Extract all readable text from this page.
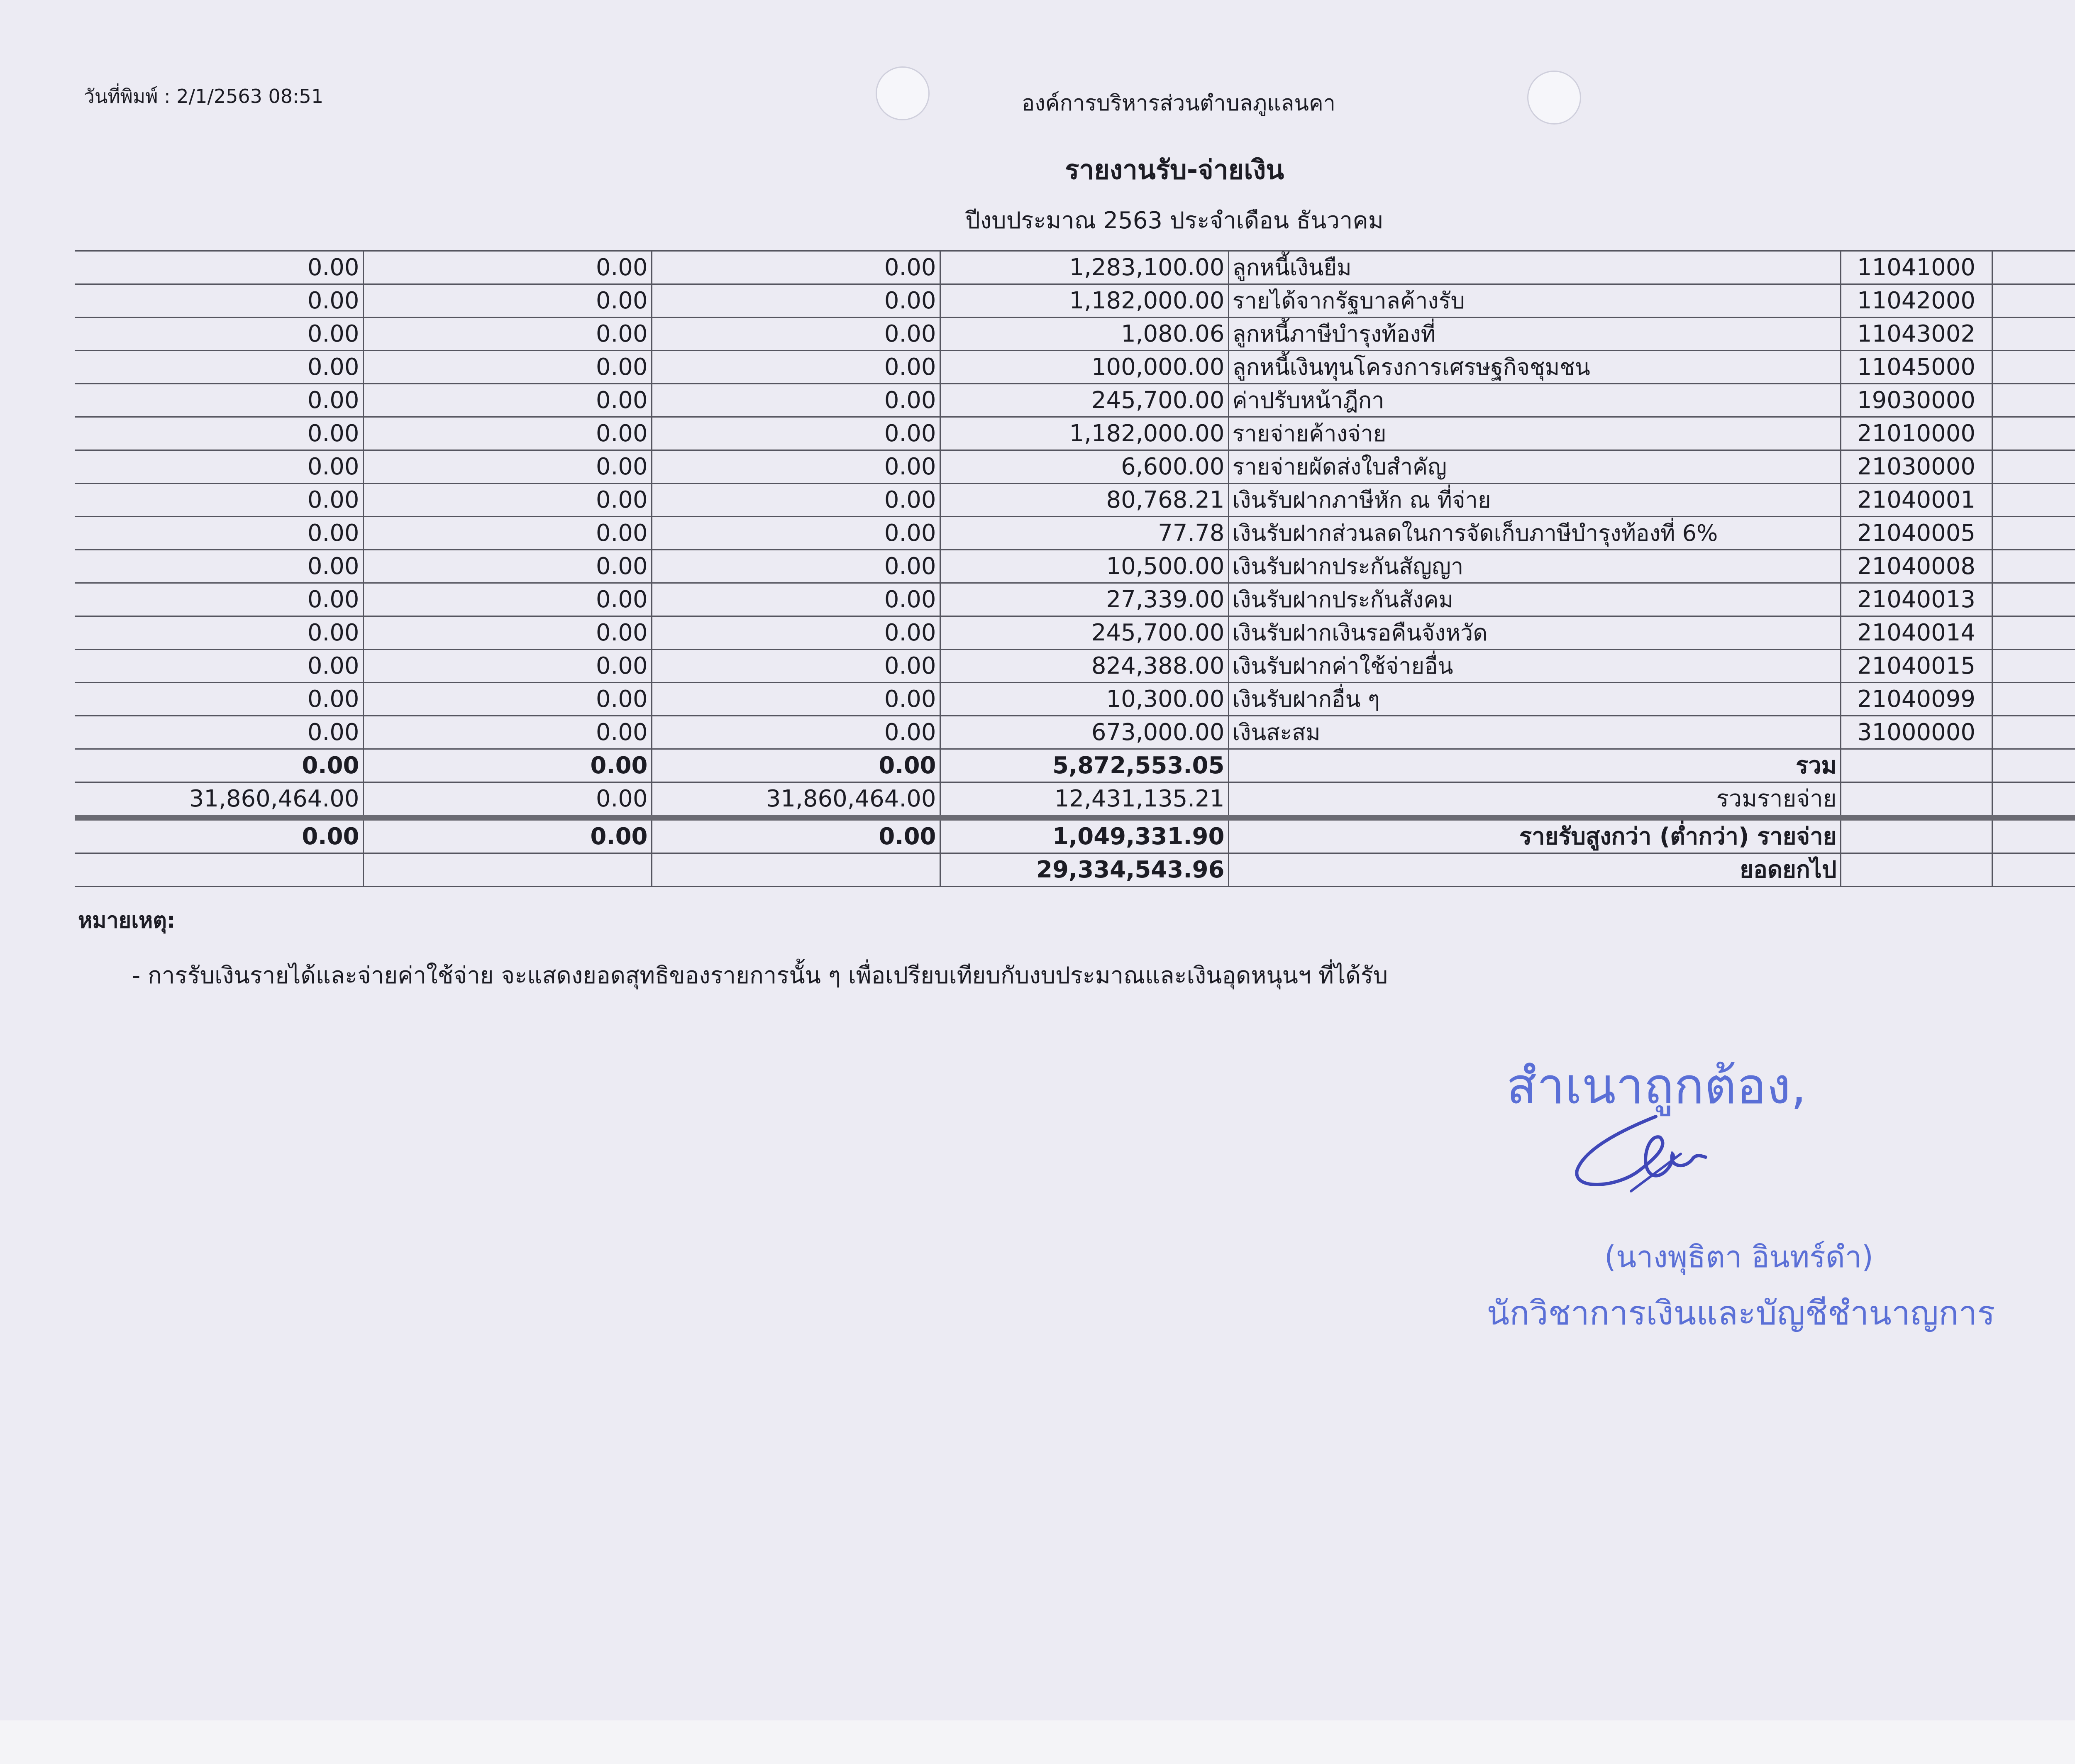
วันที่พิมพ์ : 2/1/2563 08:51	องค์การบริหารส่วนตำบลภูแลนคา
รายงานรับ-จ่ายเงิน
ปีงบประมาณ 2563 ประจำเดือน ธันวาคม
0.00	0.00	0.00	1,283,100.00	ลูกหนี้เงินยืม	11041000	
0.00	0.00	0.00	1,182,000.00	รายได้จากรัฐบาลค้างรับ	11042000	
0.00	0.00	0.00	1,080.06	ลูกหนี้ภาษีบำรุงท้องที่	11043002	
0.00	0.00	0.00	100,000.00	ลูกหนี้เงินทุนโครงการเศรษฐกิจชุมชน	11045000	
0.00	0.00	0.00	245,700.00	ค่าปรับหน้าฎีกา	19030000	
0.00	0.00	0.00	1,182,000.00	รายจ่ายค้างจ่าย	21010000	
0.00	0.00	0.00	6,600.00	รายจ่ายผัดส่งใบสำคัญ	21030000	
0.00	0.00	0.00	80,768.21	เงินรับฝากภาษีหัก ณ ที่จ่าย	21040001	
0.00	0.00	0.00	77.78	เงินรับฝากส่วนลดในการจัดเก็บภาษีบำรุงท้องที่ 6%	21040005	
0.00	0.00	0.00	10,500.00	เงินรับฝากประกันสัญญา	21040008	
0.00	0.00	0.00	27,339.00	เงินรับฝากประกันสังคม	21040013	
0.00	0.00	0.00	245,700.00	เงินรับฝากเงินรอคืนจังหวัด	21040014	
0.00	0.00	0.00	824,388.00	เงินรับฝากค่าใช้จ่ายอื่น	21040015	
0.00	0.00	0.00	10,300.00	เงินรับฝากอื่น ๆ	21040099	
0.00	0.00	0.00	673,000.00	เงินสะสม	31000000	
0.00	0.00	0.00	5,872,553.05	รวม		
31,860,464.00	0.00	31,860,464.00	12,431,135.21	รวมรายจ่าย		
0.00	0.00	0.00	1,049,331.90	รายรับสูงกว่า (ต่ำกว่า) รายจ่าย		
			29,334,543.96	ยอดยกไป		
หมายเหตุ:
- การรับเงินรายได้และจ่ายค่าใช้จ่าย จะแสดงยอดสุทธิของรายการนั้น ๆ เพื่อเปรียบเทียบกับงบประมาณและเงินอุดหนุนฯ ที่ได้รับ
สำเนาถูกต้อง,
(นางพุธิตา อินทร์ดำ)
นักวิชาการเงินและบัญชีชำนาญการ
